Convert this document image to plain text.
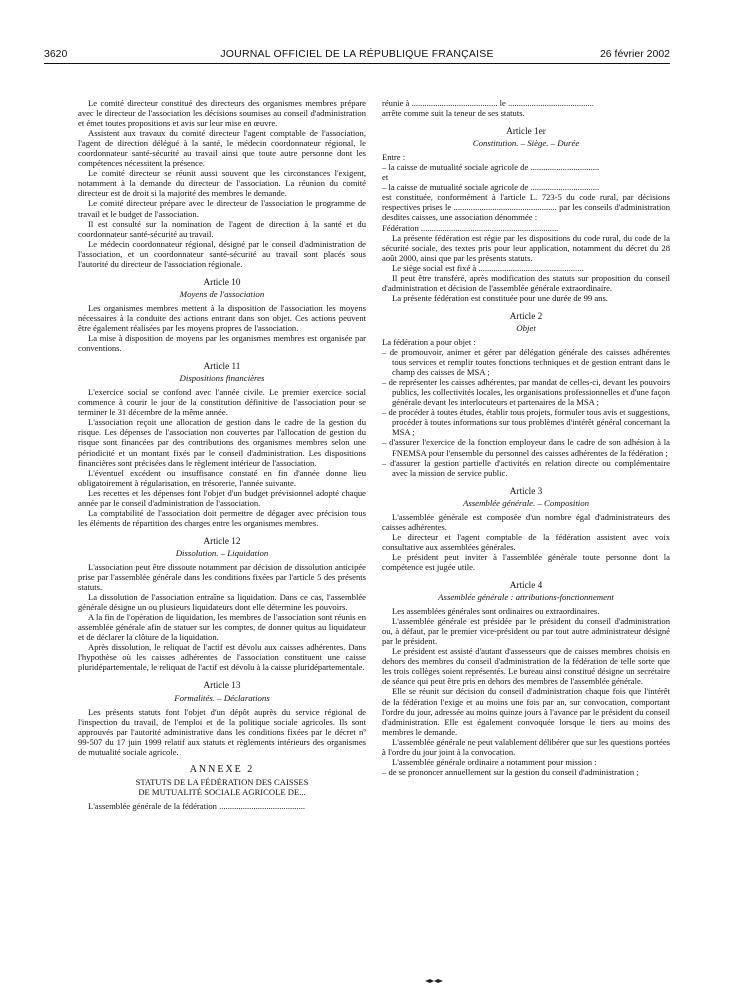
3620	JOURNAL OFFICIEL DE LA RÉPUBLIQUE FRANÇAISE	26 février 2002

Le comité directeur constitué des directeurs des organismes membres prépare avec le directeur de l'association les décisions soumises au conseil d'administration et émet toutes propositions et avis sur leur mise en œuvre.

Assistent aux travaux du comité directeur l'agent comptable de l'association, l'agent de direction délégué à la santé, le médecin coordonnateur régional, le coordonnateur santé-sécurité au travail ainsi que toute autre personne dont les compétences nécessitent la présence.

Le comité directeur se réunit aussi souvent que les circonstances l'exigent, notamment à la demande du directeur de l'association. La réunion du comité directeur est de droit si la majorité des membres le demande.

Le comité directeur prépare avec le directeur de l'association le programme de travail et le budget de l'association.

Il est consulté sur la nomination de l'agent de direction à la santé et du coordonnateur santé-sécurité au travail.

Le médecin coordonnateur régional, désigné par le conseil d'administration de l'association, et un coordonnateur santé-sécurité au travail sont placés sous l'autorité du directeur de l'association régionale.

Article 10
Moyens de l'association

Les organismes membres mettent à la disposition de l'association les moyens nécessaires à la conduite des actions entrant dans son objet. Ces actions peuvent être également réalisées par les moyens propres de l'association.

La mise à disposition de moyens par les organismes membres est organisée par conventions.

Article 11
Dispositions financières

L'exercice social se confond avec l'année civile. Le premier exercice social commence à courir le jour de la constitution définitive de l'association pour se terminer le 31 décembre de la même année.

L'association reçoit une allocation de gestion dans le cadre de la gestion du risque. Les dépenses de l'association non couvertes par l'allocation de gestion du risque sont financées par des contributions des organismes membres selon une périodicité et un montant fixés par le conseil d'administration. Les dispositions financières sont précisées dans le règlement intérieur de l'association.

L'éventuel excédent ou insuffisance constaté en fin d'année donne lieu obligatoirement à régularisation, en trésorerie, l'année suivante.

Les recettes et les dépenses font l'objet d'un budget prévisionnel adopté chaque année par le conseil d'administration de l'association.

La comptabilité de l'association doit permettre de dégager avec précision tous les éléments de répartition des charges entre les organismes membres.

Article 12
Dissolution. – Liquidation

L'association peut être dissoute notamment par décision de dissolution anticipée prise par l'assemblée générale dans les conditions fixées par l'article 5 des présents statuts.

La dissolution de l'association entraîne sa liquidation. Dans ce cas, l'assemblée générale désigne un ou plusieurs liquidateurs dont elle détermine les pouvoirs.

A la fin de l'opération de liquidation, les membres de l'association sont réunis en assemblée générale afin de statuer sur les comptes, de donner quitus au liquidateur et de déclarer la clôture de la liquidation.

Après dissolution, le reliquat de l'actif est dévolu aux caisses adhérentes. Dans l'hypothèse où les caisses adhérentes de l'association constituent une caisse pluridépartementale, le reliquat de l'actif est dévolu à la caisse pluridépartementale.

Article 13
Formalités. – Déclarations

Les présents statuts font l'objet d'un dépôt auprès du service régional de l'inspection du travail, de l'emploi et de la politique sociale agricoles. Ils sont approuvés par l'autorité administrative dans les conditions fixées par le décret nº 99-507 du 17 juin 1999 relatif aux statuts et règlements intérieurs des organismes de mutualité sociale agricole.

ANNEXE 2
STATUTS DE LA FÉDÉRATION DES CAISSES
DE MUTUALITÉ SOCIALE AGRICOLE DE...

L'assemblée générale de la fédération ........................................

réunie à ........................................ le ........................................

arrête comme suit la teneur de ses statuts.

Article 1er
Constitution. – Siège. – Durée

Entre :

– la caisse de mutualité sociale agricole de ................................

et

– la caisse de mutualité sociale agricole de ................................

est constituée, conformément à l'article L. 723-5 du code rural, par décisions respectives prises le ................................................ par les conseils d'administration desdites caisses, une association dénommée :

Fédération ................................................................

La présente fédération est régie par les dispositions du code rural, du code de la sécurité sociale, des textes pris pour leur application, notamment du décret du 28 août 2000, ainsi que par les présents statuts.

Le siège social est fixé à .................................................

Il peut être transféré, après modification des statuts sur proposition du conseil d'administration et décision de l'assemblée générale extraordinaire.

La présente fédération est constituée pour une durée de 99 ans.

Article 2
Objet

La fédération a pour objet :

– de promouvoir, animer et gérer par délégation générale des caisses adhérentes tous services et remplir toutes fonctions techniques et de gestion entrant dans le champ des caisses de MSA ;

– de représenter les caisses adhérentes, par mandat de celles-ci, devant les pouvoirs publics, les collectivités locales, les organisations professionnelles et d'une façon générale devant les interlocuteurs et partenaires de la MSA ;

– de procéder à toutes études, établir tous projets, formuler tous avis et suggestions, procéder à toutes informations sur tous problèmes d'intérêt général concernant la MSA ;

– d'assurer l'exercice de la fonction employeur dans le cadre de son adhésion à la FNEMSA pour l'ensemble du personnel des caisses adhérentes de la fédération ;

– d'assurer la gestion partielle d'activités en relation directe ou complémentaire avec la mission de service public.

Article 3
Assemblée générale. – Composition

L'assemblée générale est composée d'un nombre égal d'administrateurs des caisses adhérentes.

Le directeur et l'agent comptable de la fédération assistent avec voix consultative aux assemblées générales.

Le président peut inviter à l'assemblée générale toute personne dont la compétence est jugée utile.

Article 4
Assemblée générale : attributions-fonctionnement

Les assemblées générales sont ordinaires ou extraordinaires.

L'assemblée générale est présidée par le président du conseil d'administration ou, à défaut, par le premier vice-président ou par tout autre administrateur désigné par le président.

Le président est assisté d'autant d'assesseurs que de caisses membres choisis en dehors des membres du conseil d'administration de la fédération de telle sorte que les trois collèges soient représentés. Le bureau ainsi constitué désigne un secrétaire de séance qui peut être pris en dehors des membres de l'assemblée générale.

Elle se réunit sur décision du conseil d'administration chaque fois que l'intérêt de la fédération l'exige et au moins une fois par an, sur convocation, comportant l'ordre du jour, adressée au moins quinze jours à l'avance par le président du conseil d'administration. Elle est également convoquée lorsque le tiers au moins des membres le demande.

L'assemblée générale ne peut valablement délibérer que sur les questions portées à l'ordre du jour joint à la convocation.

L'assemblée générale ordinaire a notamment pour mission :

– de se prononcer annuellement sur la gestion du conseil d'administration ;
